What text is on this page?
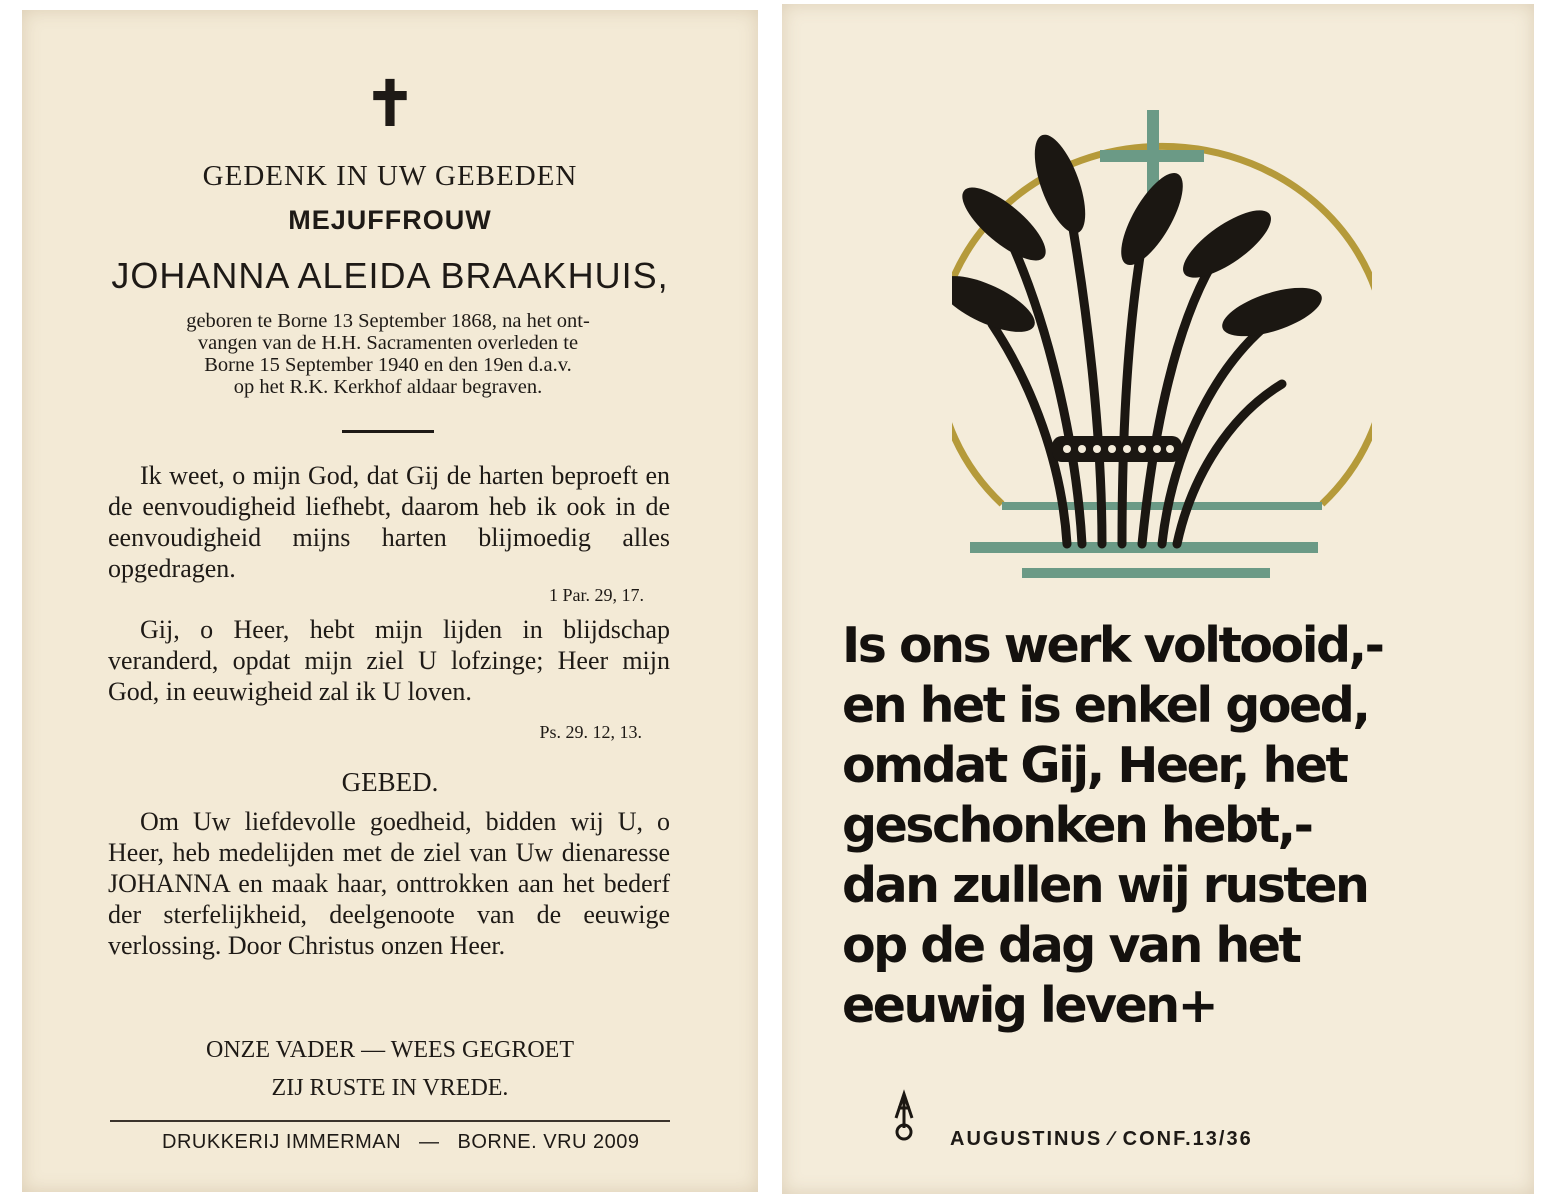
✝
GEDENK IN UW GEBEDEN
MEJUFFROUW
JOHANNA ALEIDA BRAAKHUIS,
geboren te Borne 13 September 1868, na het ont-
vangen van de H.H. Sacramenten overleden te
Borne 15 September 1940 en den 19en d.a.v.
op het R.K. Kerkhof aldaar begraven.
Ik weet, o mijn God, dat Gij de harten beproeft en de eenvoudigheid liefhebt, daarom heb ik ook in de eenvoudigheid mijns harten blijmoedig alles opgedragen.
1 Par. 29, 17.
Gij, o Heer, hebt mijn lijden in blijdschap veranderd, opdat mijn ziel U lofzinge; Heer mijn God, in eeuwigheid zal ik U loven.
Ps. 29. 12, 13.
GEBED.
Om Uw liefdevolle goedheid, bidden wij U, o Heer, heb medelijden met de ziel van Uw dienaresse JOHANNA en maak haar, onttrokken aan het bederf der sterfelijkheid, deelgenoote van de eeuwige verlossing. Door Christus onzen Heer.
ONZE VADER — WEES GEGROET
ZIJ RUSTE IN VREDE.
DRUKKERIJ IMMERMAN — BORNE. VRU 2009
Is ons werk voltooid,-
en het is enkel goed,
omdat Gij, Heer, het
geschonken hebt,-
dan zullen wij rusten
op de dag van het
eeuwig leven+
AUGUSTINUS ∕ CONF.13/36
